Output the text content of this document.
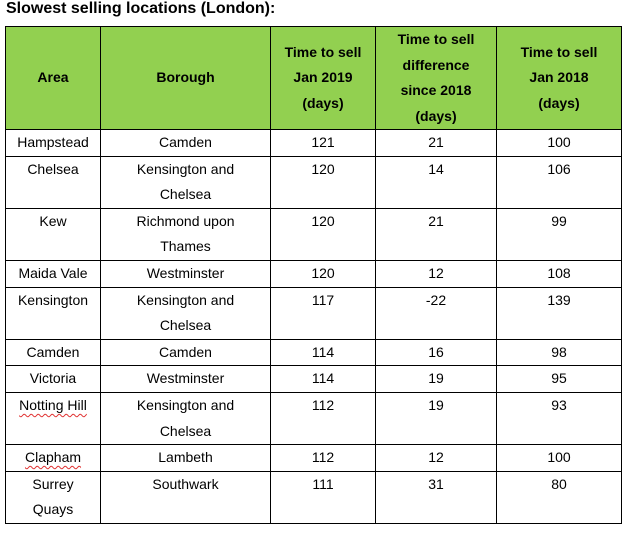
Slowest selling locations (London):
Area	Borough	Time to sell
Jan 2019
(days)	Time to sell
difference
since 2018
(days)	Time to sell
Jan 2018
(days)
Hampstead	Camden	121	21	100
Chelsea	Kensington and
Chelsea	120	14	106
Kew	Richmond upon
Thames	120	21	99
Maida Vale	Westminster	120	12	108
Kensington	Kensington and
Chelsea	117	-22	139
Camden	Camden	114	16	98
Victoria	Westminster	114	19	95
Notting Hill	Kensington and
Chelsea	112	19	93
Clapham	Lambeth	112	12	100
Surrey Quays	Southwark	111	31	80
